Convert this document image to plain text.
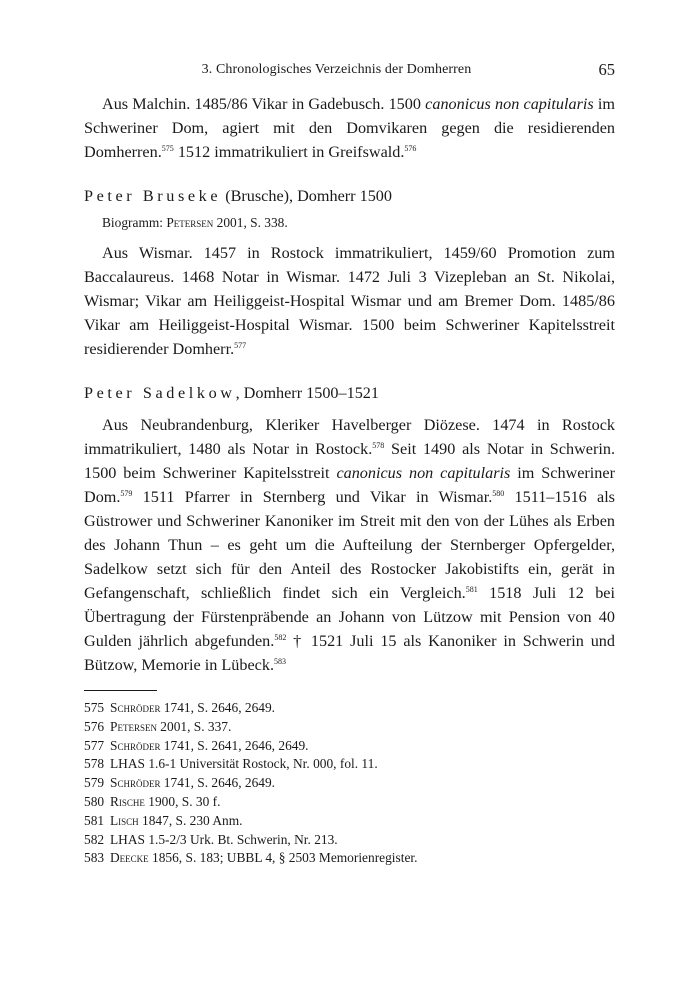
3. Chronologisches Verzeichnis der Domherren	65

Aus Malchin. 1485/86 Vikar in Gadebusch. 1500 canonicus non capitularis im Schweriner Dom, agiert mit den Domvikaren gegen die residierenden Domherren.$^{575}$ 1512 immatrikuliert in Greifswald.$^{576}$

Peter Bruseke (Brusche), Domherr 1500

Biogramm: Petersen 2001, S. 338.

Aus Wismar. 1457 in Rostock immatrikuliert, 1459/60 Promotion zum Baccalaureus. 1468 Notar in Wismar. 1472 Juli 3 Vizepleban an St. Nikolai, Wismar; Vikar am Heiliggeist-Hospital Wismar und am Bremer Dom. 1485/86 Vikar am Heiliggeist-Hospital Wismar. 1500 beim Schweriner Kapitelsstreit residierender Domherr.$^{577}$

Peter Sadelkow, Domherr 1500–1521

Aus Neubrandenburg, Kleriker Havelberger Diözese. 1474 in Rostock immatrikuliert, 1480 als Notar in Rostock.$^{578}$ Seit 1490 als Notar in Schwerin. 1500 beim Schweriner Kapitelsstreit canonicus non capitularis im Schweriner Dom.$^{579}$ 1511 Pfarrer in Sternberg und Vikar in Wismar.$^{580}$ 1511–1516 als Güstrower und Schweriner Kanoniker im Streit mit den von der Lühes als Erben des Johann Thun – es geht um die Aufteilung der Sternberger Opfergelder, Sadelkow setzt sich für den Anteil des Rostocker Jakobistifts ein, gerät in Gefangenschaft, schließlich findet sich ein Vergleich.$^{581}$ 1518 Juli 12 bei Übertragung der Fürstenpräbende an Johann von Lützow mit Pension von 40 Gulden jährlich abgefunden.$^{582}$ † 1521 Juli 15 als Kanoniker in Schwerin und Bützow, Memorie in Lübeck.$^{583}$

575 Schröder 1741, S. 2646, 2649.
576 Petersen 2001, S. 337.
577 Schröder 1741, S. 2641, 2646, 2649.
578 LHAS 1.6-1 Universität Rostock, Nr. 000, fol. 11.
579 Schröder 1741, S. 2646, 2649.
580 Rische 1900, S. 30 f.
581 Lisch 1847, S. 230 Anm.
582 LHAS 1.5-2/3 Urk. Bt. Schwerin, Nr. 213.
583 Deecke 1856, S. 183; UBBL 4, § 2503 Memorienregister.
